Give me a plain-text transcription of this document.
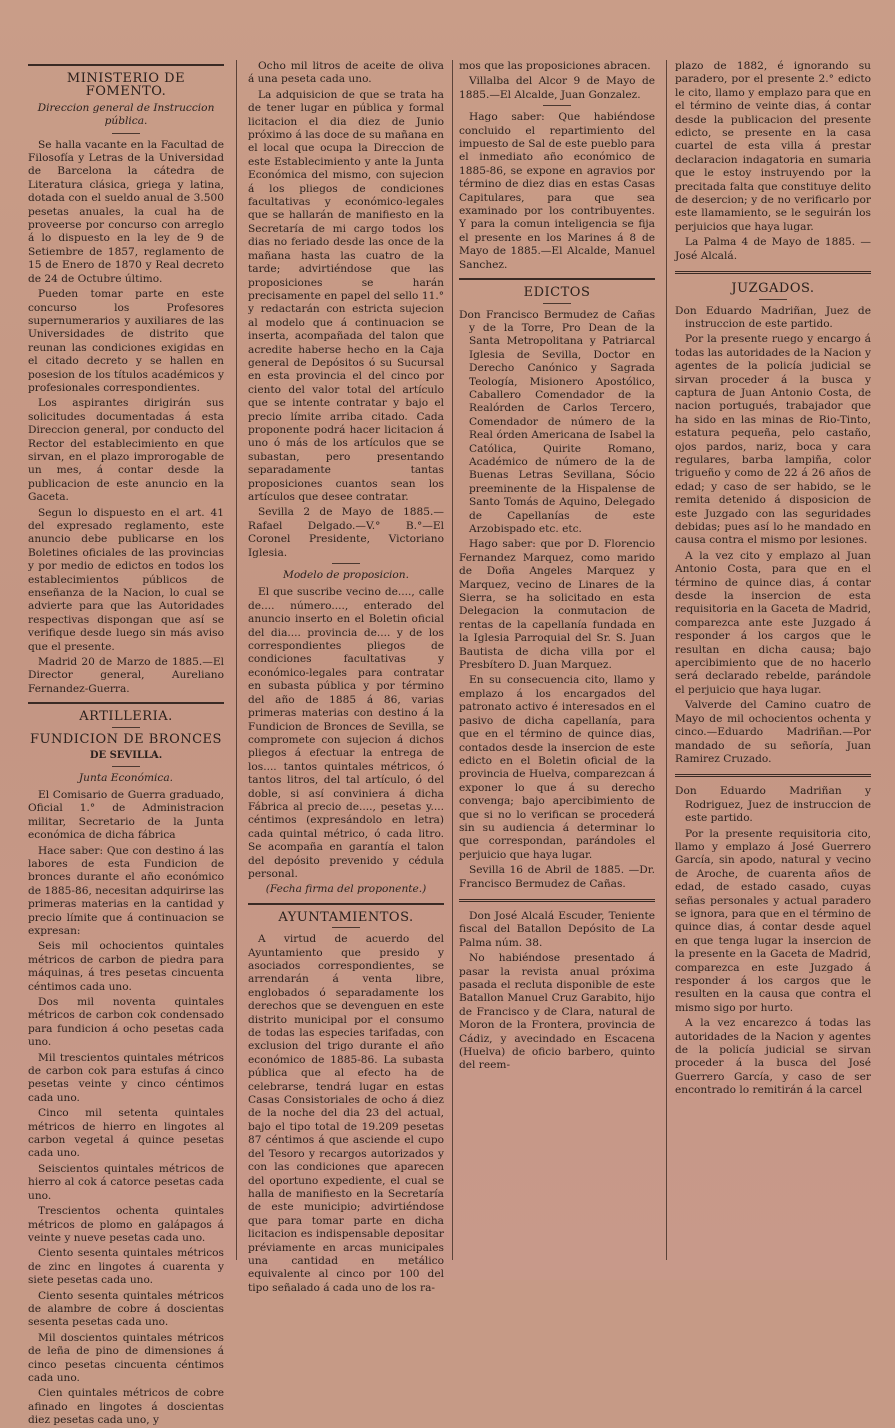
MINISTERIO DE FOMENTO.
Direccion general de Instruccion pública.

Se halla vacante en la Facultad de Filosofía y Letras de la Universidad de Barcelona la cátedra de Literatura clásica, griega y latina, dotada con el sueldo anual de 3.500 pesetas anuales, la cual ha de proveerse por concurso con arreglo á lo dispuesto en la ley de 9 de Setiembre de 1857, reglamento de 15 de Enero de 1870 y Real decreto de 24 de Octubre último.

Pueden tomar parte en este concurso los Profesores supernumerarios y auxiliares de las Universidades de distrito que reunan las condiciones exigidas en el citado decreto y se hallen en posesion de los títulos académicos y profesionales correspondientes.

Los aspirantes dirigirán sus solicitudes documentadas á esta Direccion general, por conducto del Rector del establecimiento en que sirvan, en el plazo improrogable de un mes, á contar desde la publicacion de este anuncio en la Gaceta.

Segun lo dispuesto en el art. 41 del expresado reglamento, este anuncio debe publicarse en los Boletines oficiales de las provincias y por medio de edictos en todos los establecimientos públicos de enseñanza de la Nacion, lo cual se advierte para que las Autoridades respectivas dispongan que así se verifique desde luego sin más aviso que el presente.

Madrid 20 de Marzo de 1885.—El Director general, Aureliano Fernandez-Guerra.

ARTILLERIA.
FUNDICION DE BRONCES
DE SEVILLA.
Junta Económica.

El Comisario de Guerra graduado, Oficial 1.° de Administracion militar, Secretario de la Junta económica de dicha fábrica

Hace saber: Que con destino á las labores de esta Fundicion de bronces durante el año económico de 1885-86, necesitan adquirirse las primeras materias en la cantidad y precio límite que á continuacion se expresan:

Seis mil ochocientos quintales métricos de carbon de piedra para máquinas, á tres pesetas cincuenta céntimos cada uno.

Dos mil noventa quintales métricos de carbon cok condensado para fundicion á ocho pesetas cada uno.

Mil trescientos quintales métricos de carbon cok para estufas á cinco pesetas veinte y cinco céntimos cada uno.

Cinco mil setenta quintales métricos de hierro en lingotes al carbon vegetal á quince pesetas cada uno.

Seiscientos quintales métricos de hierro al cok á catorce pesetas cada uno.

Trescientos ochenta quintales métricos de plomo en galápagos á veinte y nueve pesetas cada uno.

Ciento sesenta quintales métricos de zinc en lingotes á cuarenta y siete pesetas cada uno.

Ciento sesenta quintales métricos de alambre de cobre á doscientas sesenta pesetas cada uno.

Mil doscientos quintales métricos de leña de pino de dimensiones á cinco pesetas cincuenta céntimos cada uno.

Cien quintales métricos de cobre afinado en lingotes á doscientas diez pesetas cada uno, y

Ocho mil litros de aceite de oliva á una peseta cada uno.

La adquisicion de que se trata ha de tener lugar en pública y formal licitacion el dia diez de Junio próximo á las doce de su mañana en el local que ocupa la Direccion de este Establecimiento y ante la Junta Económica del mismo, con sujecion á los pliegos de condiciones facultativas y económico-legales que se hallarán de manifiesto en la Secretaría de mi cargo todos los dias no feriado desde las once de la mañana hasta las cuatro de la tarde; advirtiéndose que las proposiciones se harán precisamente en papel del sello 11.° y redactarán con estricta sujecion al modelo que á continuacion se inserta, acompañada del talon que acredite haberse hecho en la Caja general de Depósitos ó su Sucursal en esta provincia el del cinco por ciento del valor total del artículo que se intente contratar y bajo el precio límite arriba citado. Cada proponente podrá hacer licitacion á uno ó más de los artículos que se subastan, pero presentando separadamente tantas proposiciones cuantos sean los artículos que desee contratar.

Sevilla 2 de Mayo de 1885.—Rafael Delgado.—V.° B.°—El Coronel Presidente, Victoriano Iglesia.

Modelo de proposicion.

El que suscribe vecino de...., calle de.... número...., enterado del anuncio inserto en el Boletin oficial del dia.... provincia de.... y de los correspondientes pliegos de condiciones facultativas y económico-legales para contratar en subasta pública y por término del año de 1885 á 86, varias primeras materias con destino á la Fundicion de Bronces de Sevilla, se compromete con sujecion á dichos pliegos á efectuar la entrega de los.... tantos quintales métricos, ó tantos litros, del tal artículo, ó del doble, si así conviniera á dicha Fábrica al precio de...., pesetas y.... céntimos (expresándolo en letra) cada quintal métrico, ó cada litro. Se acompaña en garantía el talon del depósito prevenido y cédula personal.

(Fecha firma del proponente.)
AYUNTAMIENTOS.

A virtud de acuerdo del Ayuntamiento que presido y asociados correspondientes, se arrendarán á venta libre, englobados ó separadamente los derechos que se devenguen en este distrito municipal por el consumo de todas las especies tarifadas, con exclusion del trigo durante el año económico de 1885-86. La subasta pública que al efecto ha de celebrarse, tendrá lugar en estas Casas Consistoriales de ocho á diez de la noche del dia 23 del actual, bajo el tipo total de 19.209 pesetas 87 céntimos á que asciende el cupo del Tesoro y recargos autorizados y con las condiciones que aparecen del oportuno expediente, el cual se halla de manifiesto en la Secretaría de este municipio; advirtiéndose que para tomar parte en dicha licitacion es indispensable depositar préviamente en arcas municipales una cantidad en metálico equivalente al cinco por 100 del tipo señalado á cada uno de los ra-

mos que las proposiciones abracen.

Villalba del Alcor 9 de Mayo de 1885.—El Alcalde, Juan Gonzalez.

Hago saber: Que habiéndose concluido el repartimiento del impuesto de Sal de este pueblo para el inmediato año económico de 1885-86, se expone en agravios por término de diez dias en estas Casas Capitulares, para que sea examinado por los contribuyentes. Y para la comun inteligencia se fija el presente en los Marines á 8 de Mayo de 1885.—El Alcalde, Manuel Sanchez.

EDICTOS

Don Francisco Bermudez de Cañas y de la Torre, Pro Dean de la Santa Metropolitana y Patriarcal Iglesia de Sevilla, Doctor en Derecho Canónico y Sagrada Teología, Misionero Apostólico, Caballero Comendador de la Realórden de Carlos Tercero, Comendador de número de la Real órden Americana de Isabel la Católica, Quirite Romano, Académico de número de la de Buenas Letras Sevillana, Sócio preeminente de la Hispalense de Santo Tomás de Aquino, Delegado de Capellanías de este Arzobispado etc. etc.

Hago saber: que por D. Florencio Fernandez Marquez, como marido de Doña Angeles Marquez y Marquez, vecino de Linares de la Sierra, se ha solicitado en esta Delegacion la conmutacion de rentas de la capellanía fundada en la Iglesia Parroquial del Sr. S. Juan Bautista de dicha villa por el Presbítero D. Juan Marquez.

En su consecuencia cito, llamo y emplazo á los encargados del patronato activo é interesados en el pasivo de dicha capellanía, para que en el término de quince dias, contados desde la insercion de este edicto en el Boletin oficial de la provincia de Huelva, comparezcan á exponer lo que á su derecho convenga; bajo apercibimiento de que si no lo verifican se procederá sin su audiencia á determinar lo que correspondan, parándoles el perjuicio que haya lugar.

Sevilla 16 de Abril de 1885. —Dr. Francisco Bermudez de Cañas.

Don José Alcalá Escuder, Teniente fiscal del Batallon Depósito de La Palma núm. 38.

No habiéndose presentado á pasar la revista anual próxima pasada el recluta disponible de este Batallon Manuel Cruz Garabito, hijo de Francisco y de Clara, natural de Moron de la Frontera, provincia de Cádiz, y avecindado en Escacena (Huelva) de oficio barbero, quinto del reem-

plazo de 1882, é ignorando su paradero, por el presente 2.° edicto le cito, llamo y emplazo para que en el término de veinte dias, á contar desde la publicacion del presente edicto, se presente en la casa cuartel de esta villa á prestar declaracion indagatoria en sumaria que le estoy instruyendo por la precitada falta que constituye delito de desercion; y de no verificarlo por este llamamiento, se le seguirán los perjuicios que haya lugar.

La Palma 4 de Mayo de 1885. —José Alcalá.

JUZGADOS.

Don Eduardo Madriñan, Juez de instruccion de este partido.

Por la presente ruego y encargo á todas las autoridades de la Nacion y agentes de la policía judicial se sirvan proceder á la busca y captura de Juan Antonio Costa, de nacion portugués, trabajador que ha sido en las minas de Rio-Tinto, estatura pequeña, pelo castaño, ojos pardos, nariz, boca y cara regulares, barba lampiña, color trigueño y como de 22 á 26 años de edad; y caso de ser habido, se le remita detenido á disposicion de este Juzgado con las seguridades debidas; pues así lo he mandado en causa contra el mismo por lesiones.

A la vez cito y emplazo al Juan Antonio Costa, para que en el término de quince dias, á contar desde la insercion de esta requisitoria en la Gaceta de Madrid, comparezca ante este Juzgado á responder á los cargos que le resultan en dicha causa; bajo apercibimiento que de no hacerlo será declarado rebelde, parándole el perjuicio que haya lugar.

Valverde del Camino cuatro de Mayo de mil ochocientos ochenta y cinco.—Eduardo Madriñan.—Por mandado de su señoría, Juan Ramirez Cruzado.

Don Eduardo Madriñan y Rodriguez, Juez de instruccion de este partido.

Por la presente requisitoria cito, llamo y emplazo á José Guerrero García, sin apodo, natural y vecino de Aroche, de cuarenta años de edad, de estado casado, cuyas señas personales y actual paradero se ignora, para que en el término de quince dias, á contar desde aquel en que tenga lugar la insercion de la presente en la Gaceta de Madrid, comparezca en este Juzgado á responder á los cargos que le resulten en la causa que contra el mismo sigo por hurto.

A la vez encarezco á todas las autoridades de la Nacion y agentes de la policía judicial se sirvan proceder á la busca del José Guerrero García, y caso de ser encontrado lo remitirán á la carcel
